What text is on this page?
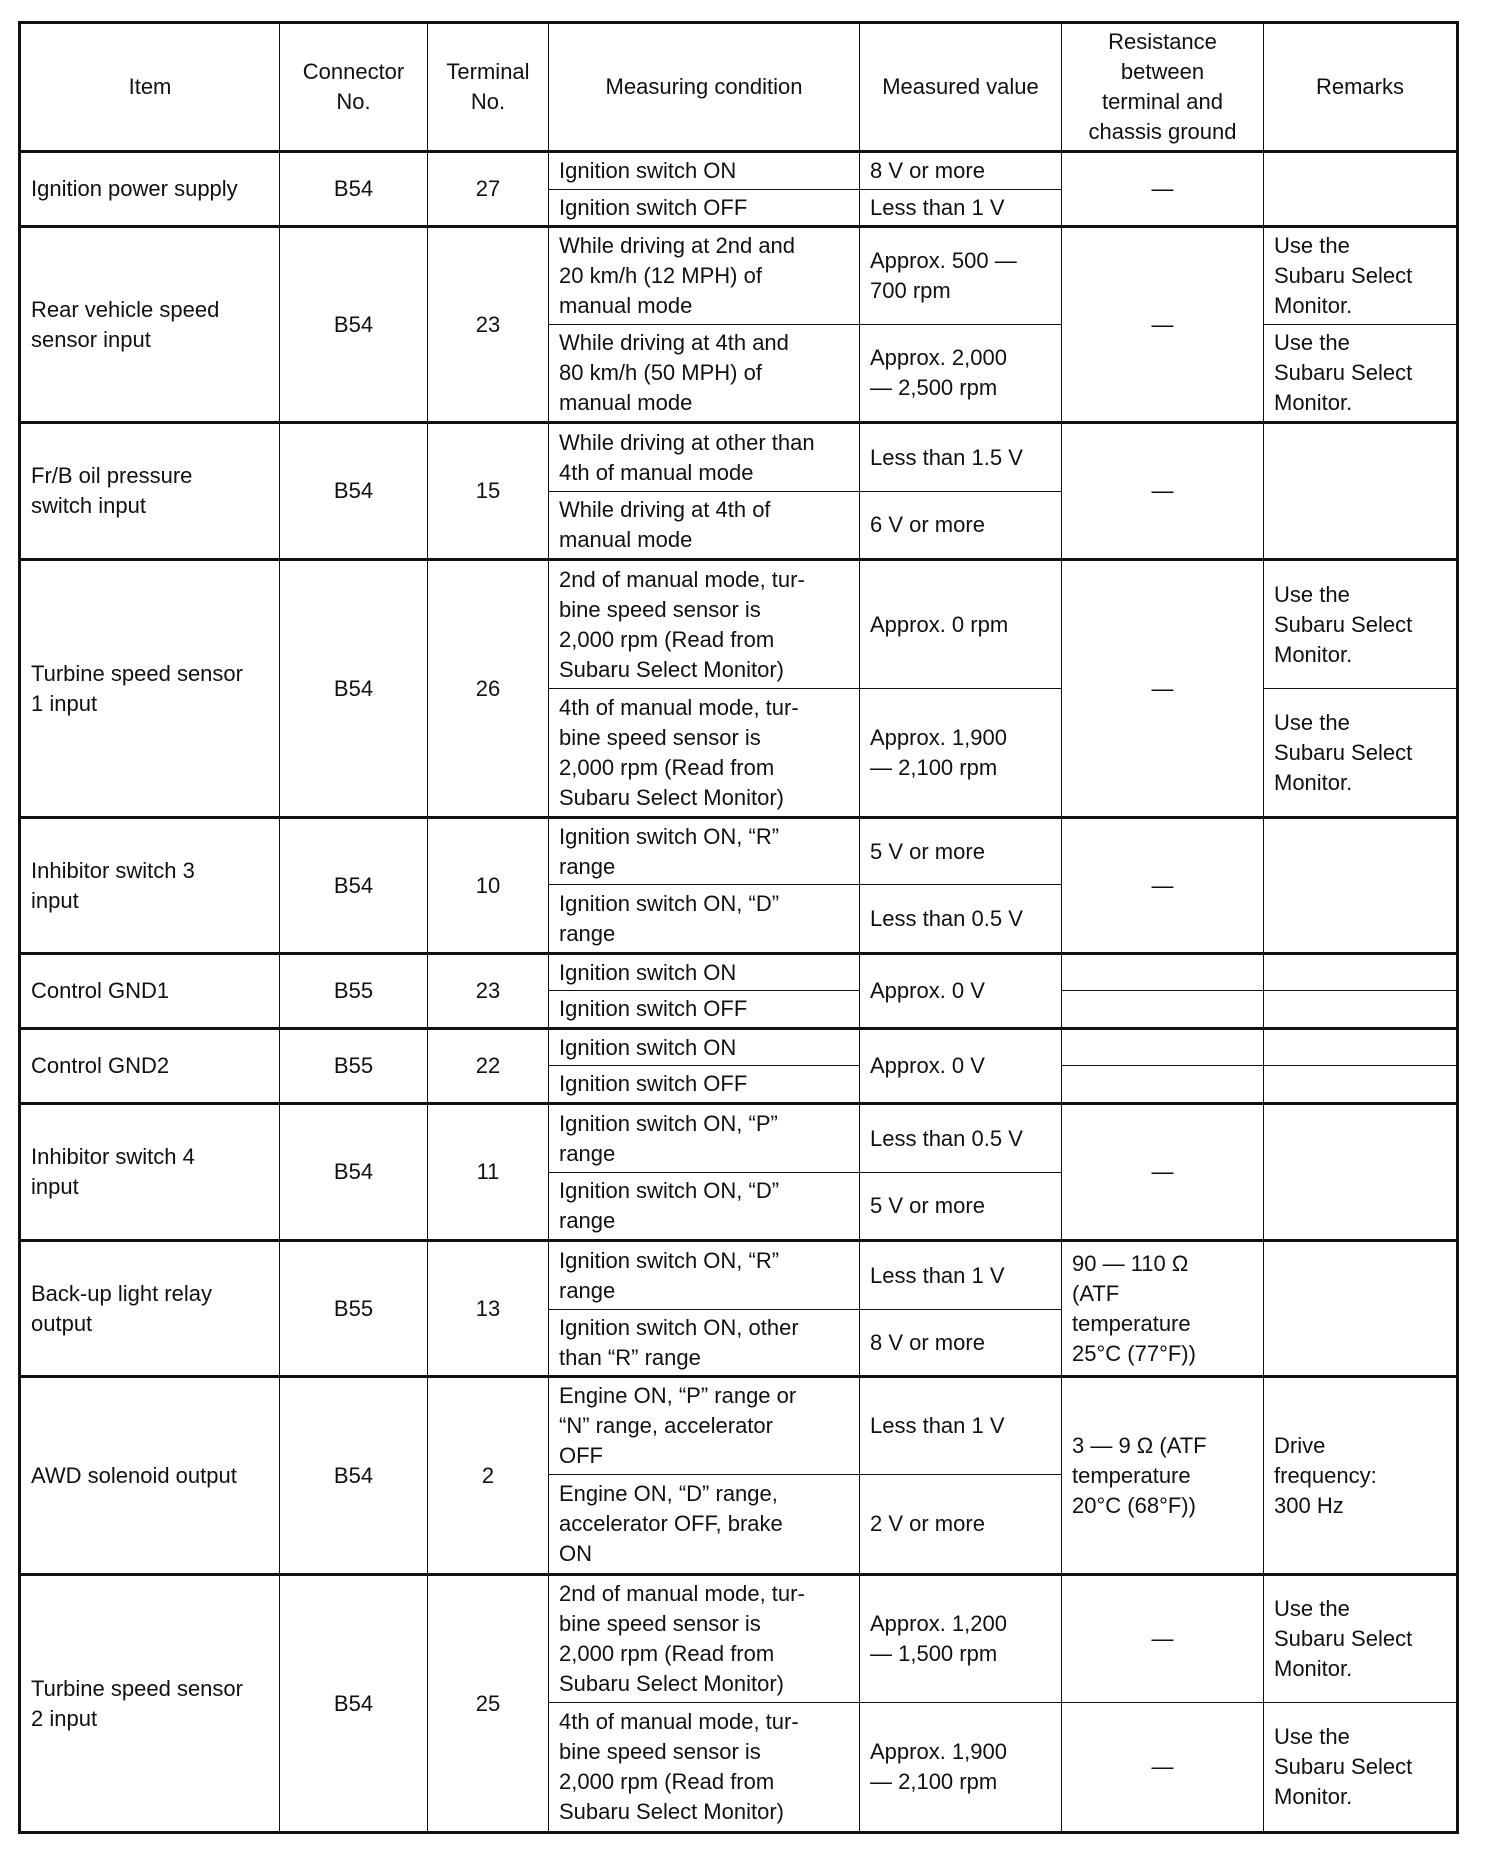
Item	Connector
No.	Terminal
No.	Measuring condition	Measured value	Resistance
between
terminal and
chassis ground	Remarks
Ignition power supply	B54	27	Ignition switch ON	8 V or more	—	
			Ignition switch OFF	Less than 1 V		
Rear vehicle speed
sensor input	B54	23	While driving at 2nd and
20 km/h (12 MPH) of
manual mode	Approx. 500 —
700 rpm	—	Use the
Subaru Select
Monitor.
			While driving at 4th and
80 km/h (50 MPH) of
manual mode	Approx. 2,000
— 2,500 rpm		Use the
Subaru Select
Monitor.
Fr/B oil pressure
switch input	B54	15	While driving at other than
4th of manual mode	Less than 1.5 V	—	
			While driving at 4th of
manual mode	6 V or more		
Turbine speed sensor
1 input	B54	26	2nd of manual mode, tur-
bine speed sensor is
2,000 rpm (Read from
Subaru Select Monitor)	Approx. 0 rpm	—	Use the
Subaru Select
Monitor.
			4th of manual mode, tur-
bine speed sensor is
2,000 rpm (Read from
Subaru Select Monitor)	Approx. 1,900
— 2,100 rpm		Use the
Subaru Select
Monitor.
Inhibitor switch 3
input	B54	10	Ignition switch ON, “R”
range	5 V or more	—	
			Ignition switch ON, “D”
range	Less than 0.5 V		
Control GND1	B55	23	Ignition switch ON	Approx. 0 V		
			Ignition switch OFF			
Control GND2	B55	22	Ignition switch ON	Approx. 0 V		
			Ignition switch OFF			
Inhibitor switch 4
input	B54	11	Ignition switch ON, “P”
range	Less than 0.5 V	—	
			Ignition switch ON, “D”
range	5 V or more		
Back-up light relay
output	B55	13	Ignition switch ON, “R”
range	Less than 1 V	90 — 110 Ω
(ATF
temperature
25°C (77°F))	
			Ignition switch ON, other
than “R” range	8 V or more		
AWD solenoid output	B54	2	Engine ON, “P” range or
“N” range, accelerator
OFF	Less than 1 V	3 — 9 Ω (ATF
temperature
20°C (68°F))	Drive
frequency:
300 Hz
			Engine ON, “D” range,
accelerator OFF, brake
ON	2 V or more		
Turbine speed sensor
2 input	B54	25	2nd of manual mode, tur-
bine speed sensor is
2,000 rpm (Read from
Subaru Select Monitor)	Approx. 1,200
— 1,500 rpm	—	Use the
Subaru Select
Monitor.
			4th of manual mode, tur-
bine speed sensor is
2,000 rpm (Read from
Subaru Select Monitor)	Approx. 1,900
— 2,100 rpm	—	Use the
Subaru Select
Monitor.
